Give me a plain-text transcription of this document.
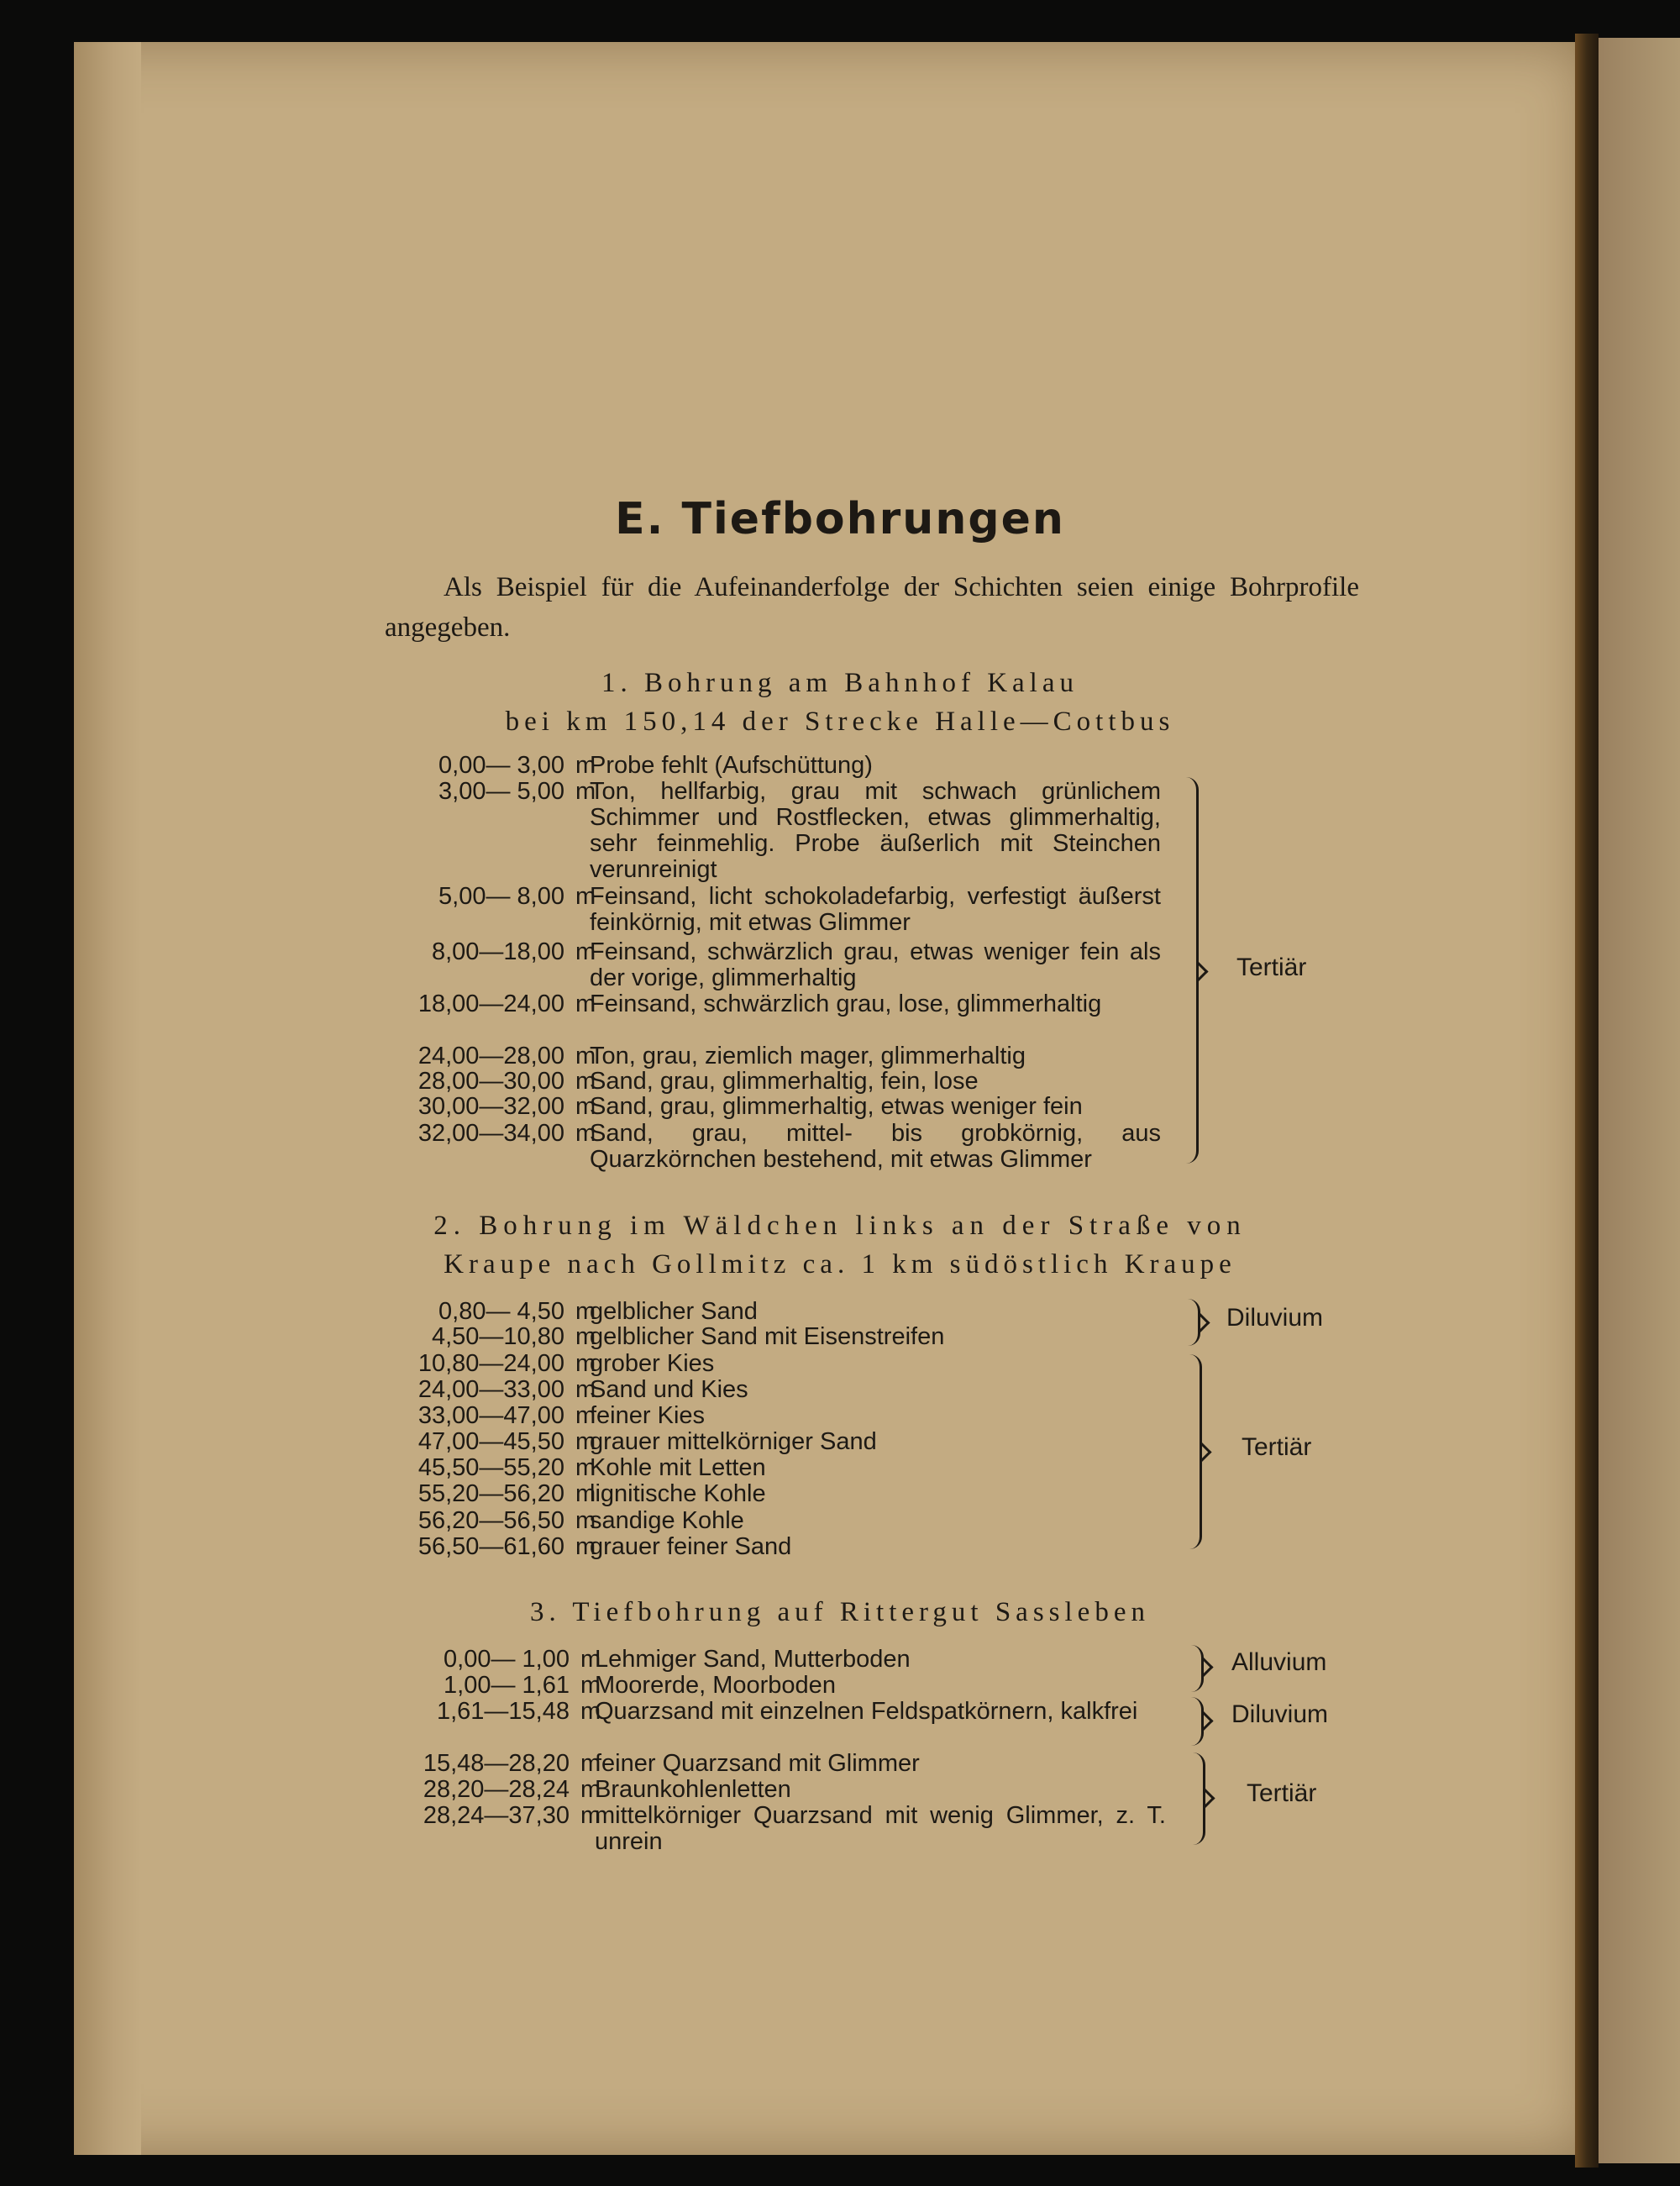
E. Tiefbohrungen
Als Beispiel für die Aufeinanderfolge der Schichten seien einige Bohrprofile angegeben.
1. Bohrung am Bahnhof Kalau
bei km 150,14 der Strecke Halle—Cottbus
0,00— 3,00 m
Probe fehlt (Aufschüttung)
3,00— 5,00 m
Ton, hellfarbig, grau mit schwach grünlichem Schimmer und Rostflecken, etwas glimmerhaltig, sehr feinmehlig. Probe äußerlich mit Steinchen verunreinigt
5,00— 8,00 m
Feinsand, licht schokoladefarbig, verfestigt äußerst feinkörnig, mit etwas Glimmer
8,00—18,00 m
Feinsand, schwärzlich grau, etwas weniger fein als der vorige, glimmerhaltig
18,00—24,00 m
Feinsand, schwärzlich grau, lose, glimmerhaltig
24,00—28,00 m
Ton, grau, ziemlich mager, glimmerhaltig
28,00—30,00 m
Sand, grau, glimmerhaltig, fein, lose
30,00—32,00 m
Sand, grau, glimmerhaltig, etwas weniger fein
32,00—34,00 m
Sand, grau, mittel- bis grobkörnig, aus Quarzkörnchen bestehend, mit etwas Glimmer
Tertiär
2. Bohrung im Wäldchen links an der Straße von
Kraupe nach Gollmitz ca. 1 km südöstlich Kraupe
0,80— 4,50 m
gelblicher Sand
4,50—10,80 m
gelblicher Sand mit Eisenstreifen
10,80—24,00 m
grober Kies
24,00—33,00 m
Sand und Kies
33,00—47,00 m
feiner Kies
47,00—45,50 m
grauer mittelkörniger Sand
45,50—55,20 m
Kohle mit Letten
55,20—56,20 m
lignitische Kohle
56,20—56,50 m
sandige Kohle
56,50—61,60 m
grauer feiner Sand
Diluvium
Tertiär
3. Tiefbohrung auf Rittergut Sassleben
0,00— 1,00 m
Lehmiger Sand, Mutterboden
1,00— 1,61 m
Moorerde, Moorboden
1,61—15,48 m
Quarzsand mit einzelnen Feldspatkörnern, kalkfrei
15,48—28,20 m
feiner Quarzsand mit Glimmer
28,20—28,24 m
Braunkohlenletten
28,24—37,30 m
mittelkörniger Quarzsand mit wenig Glimmer, z. T. unrein
Alluvium
Diluvium
Tertiär
